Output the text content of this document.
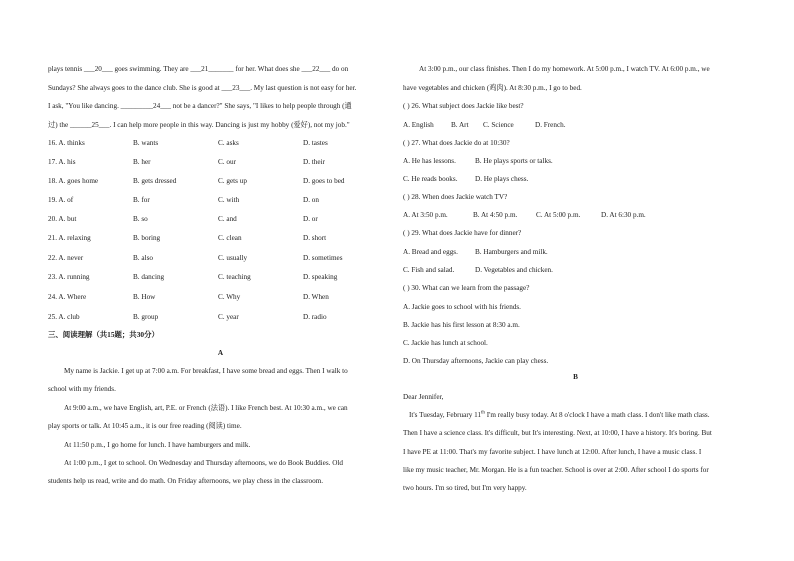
plays tennis ___20___ goes swimming. They are ___21_______ for her. What does she ___22___ do on
Sundays? She always goes to the dance club. She is good at ___23___. My last question is not easy for her.
I ask, "You like dancing. _________24___ not be a dancer?" She says, "I likes to help people through (通
过) the ______25___. I can help more people in this way. Dancing is just my hobby (爱好), not my job."
16. A. thinks	B. wants	C. asks	D. tastes
17. A. his	B. her	C. our	D. their
18. A. goes home	B. gets dressed	C. gets up	D. goes to bed
19. A. of	B. for	C. with	D. on
20. A. but	B. so	C. and	D. or
21. A. relaxing	B. boring	C. clean	D. short
22. A. never	B. also	C. usually	D. sometimes
23. A. running	B. dancing	C. teaching	D. speaking
24. A. Where	B. How	C. Why	D. When
25. A. club	B. group	C. year	D. radio
三、阅读理解（共15题；共30分）
A
My name is Jackie. I get up at 7:00 a.m. For breakfast, I have some bread and eggs. Then I walk to
school with my friends.
At 9:00 a.m., we have English, art, P.E. or French (法语). I like French best. At 10:30 a.m., we can
play sports or talk. At 10:45 a.m., it is our free reading (阅读) time.
At 11:50 p.m., I go home for lunch. I have hamburgers and milk.
At 1:00 p.m., I get to school. On Wednesday and Thursday afternoons, we do Book Buddies. Old
students help us read, write and do math. On Friday afternoons, we play chess in the classroom.
At 3:00 p.m., our class finishes. Then I do my homework. At 5:00 p.m., I watch TV. At 6:00 p.m., we
have vegetables and chicken (鸡肉). At 8:30 p.m., I go to bed.
( ) 26. What subject does Jackie like best?
A. English B. Art C. Science	D. French.
( ) 27. What does Jackie do at 10:30?
A. He has lessons.	B. He plays sports or talks.
C. He reads books. D. He plays chess.
( ) 28. When does Jackie watch TV?
A. At 3:50 p.m.	B. At 4:50 p.m.	C. At 5:00 p.m.	D. At 6:30 p.m.
( ) 29. What does Jackie have for dinner?
A. Bread and eggs. B. Hamburgers and milk.
C. Fish and salad.	D. Vegetables and chicken.
( ) 30. What can we learn from the passage?
A. Jackie goes to school with his friends.
B. Jackie has his first lesson at 8:30 a.m.
C. Jackie has lunch at school.
D. On Thursday afternoons, Jackie can play chess.
B
Dear Jennifer,
It's Tuesday, February 11th I'm really busy today. At 8 o'clock I have a math class. I don't like math class.
Then I have a science class. It's difficult, but It's interesting. Next, at 10:00, I have a history. It's boring. But
I have PE at 11:00. That's my favorite subject. I have lunch at 12:00. After lunch, I have a music class. I
like my music teacher, Mr. Morgan. He is a fun teacher. School is over at 2:00. After school I do sports for
two hours. I'm so tired, but I'm very happy.
